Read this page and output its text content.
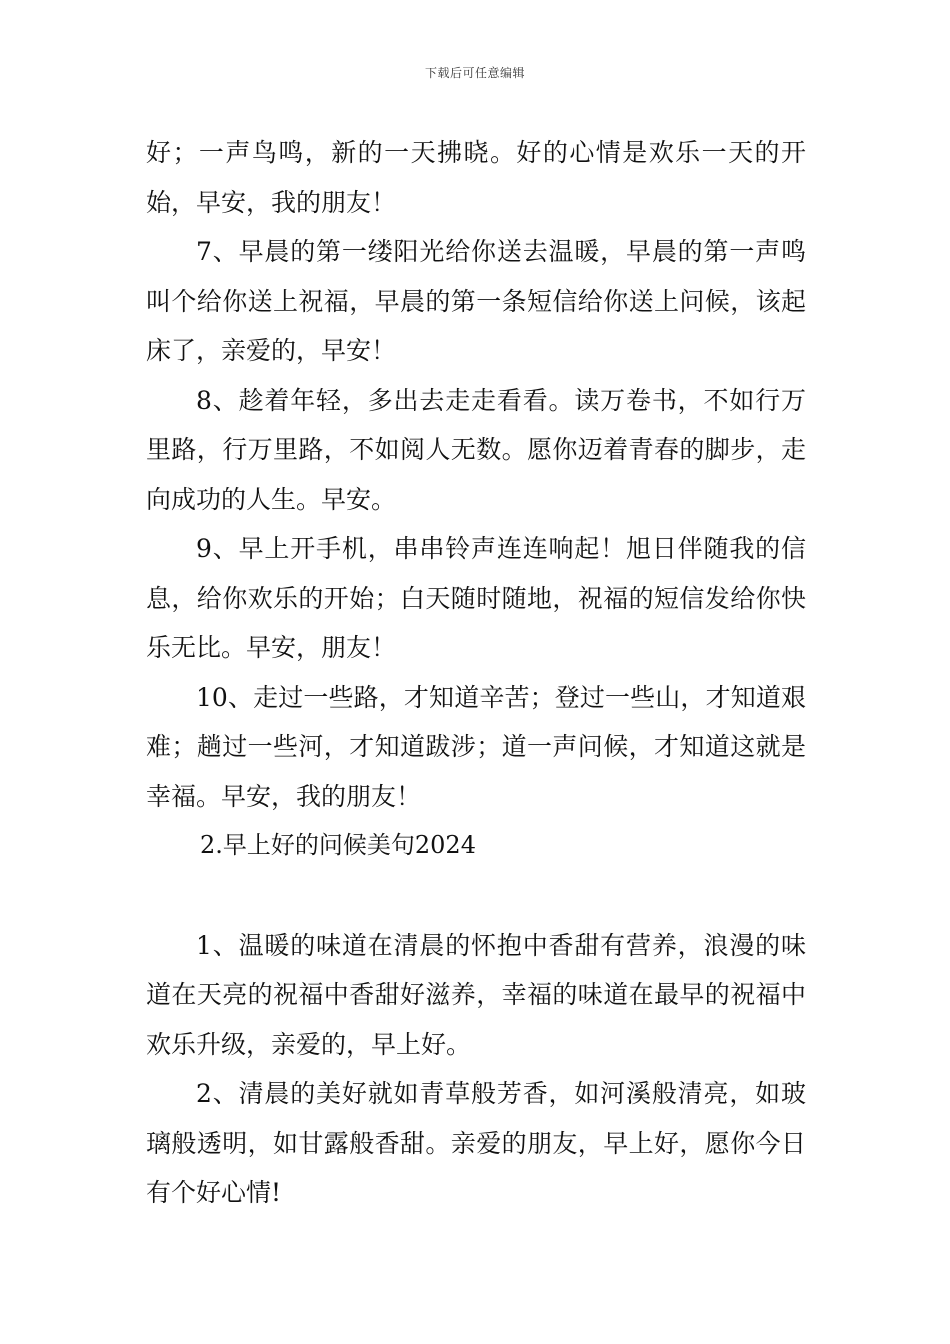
下载后可任意编辑

好；一声鸟鸣，新的一天拂晓。好的心情是欢乐一天的开始，早安，我的朋友！

7、早晨的第一缕阳光给你送去温暖，早晨的第一声鸣叫个给你送上祝福，早晨的第一条短信给你送上问候，该起床了，亲爱的，早安！

8、趁着年轻，多出去走走看看。读万卷书，不如行万里路，行万里路，不如阅人无数。愿你迈着青春的脚步，走向成功的人生。早安。

9、早上开手机，串串铃声连连响起！旭日伴随我的信息，给你欢乐的开始；白天随时随地，祝福的短信发给你快乐无比。早安，朋友！

10、走过一些路，才知道辛苦；登过一些山，才知道艰难；趟过一些河，才知道跋涉；道一声问候，才知道这就是幸福。早安，我的朋友！

2.早上好的问候美句2024

1、温暖的味道在清晨的怀抱中香甜有营养，浪漫的味道在天亮的祝福中香甜好滋养，幸福的味道在最早的祝福中欢乐升级，亲爱的，早上好。

2、清晨的美好就如青草般芳香，如河溪般清亮，如玻璃般透明，如甘露般香甜。亲爱的朋友，早上好，愿你今日有个好心情!
